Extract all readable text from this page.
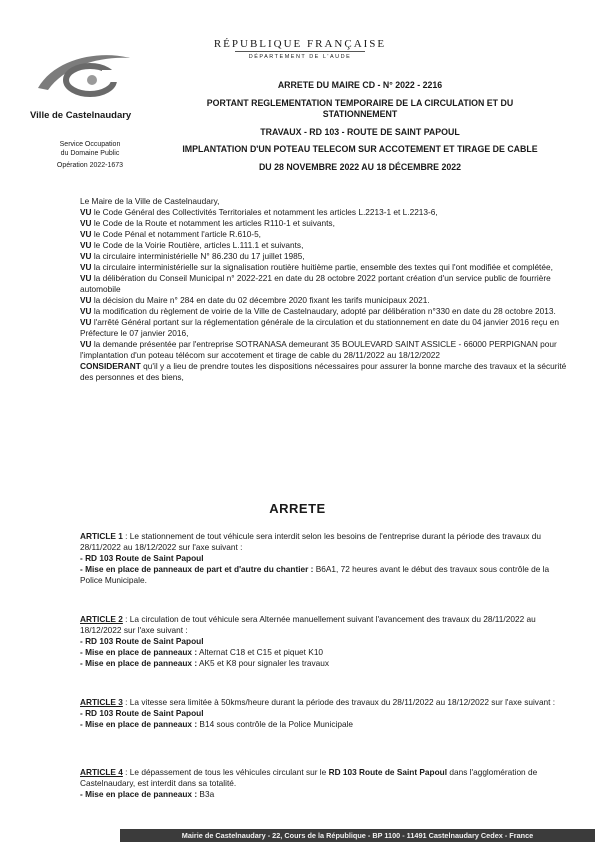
Ville de Castelnaudary
Service Occupation
du Domaine Public
Opération 2022-1673
RÉPUBLIQUE FRANÇAISE
DÉPARTEMENT DE L'AUDE
ARRETE DU MAIRE CD - N° 2022 - 2216
PORTANT REGLEMENTATION TEMPORAIRE DE LA CIRCULATION ET DU
STATIONNEMENT
TRAVAUX - RD 103 - ROUTE DE SAINT PAPOUL
IMPLANTATION D'UN POTEAU TELECOM SUR ACCOTEMENT ET TIRAGE DE CABLE
DU 28 NOVEMBRE 2022 AU 18 DÉCEMBRE 2022

Le Maire de la Ville de Castelnaudary,

VU le Code Général des Collectivités Territoriales et notamment les articles L.2213-1 et L.2213-6,

VU le Code de la Route et notamment les articles R110-1 et suivants,

VU le Code Pénal et notamment l'article R.610-5,

VU le Code de la Voirie Routière, articles L.111.1 et suivants,

VU la circulaire interministérielle N° 86.230 du 17 juillet 1985,

VU la circulaire interministérielle sur la signalisation routière huitième partie, ensemble des textes qui l'ont modifiée et complétée,

VU la délibération du Conseil Municipal n° 2022-221 en date du 28 octobre 2022 portant création d'un service public de fourrière automobile

VU la décision du Maire n° 284 en date du 02 décembre 2020 fixant les tarifs municipaux 2021.

VU la modification du règlement de voirie de la Ville de Castelnaudary, adopté par délibération n°330 en date du 28 octobre 2013.

VU l'arrêté Général portant sur la réglementation générale de la circulation et du stationnement en date du 04 janvier 2016 reçu en Préfecture le 07 janvier 2016,

VU la demande présentée par l'entreprise SOTRANASA demeurant 35 BOULEVARD SAINT ASSICLE - 66000 PERPIGNAN pour l'implantation d'un poteau télécom sur accotement et tirage de cable du 28/11/2022 au 18/12/2022

CONSIDERANT qu'il y a lieu de prendre toutes les dispositions nécessaires pour assurer la bonne marche des travaux et la sécurité des personnes et des biens,

ARRETE

ARTICLE 1 : Le stationnement de tout véhicule sera interdit selon les besoins de l'entreprise durant la période des travaux du 28/11/2022 au 18/12/2022 sur l'axe suivant :

- RD 103 Route de Saint Papoul

- Mise en place de panneaux de part et d'autre du chantier : B6A1, 72 heures avant le début des travaux sous contrôle de la Police Municipale.

ARTICLE 2 : La circulation de tout véhicule sera Alternée manuellement suivant l'avancement des travaux du 28/11/2022 au 18/12/2022 sur l'axe suivant :

- RD 103 Route de Saint Papoul

- Mise en place de panneaux : Alternat C18 et C15 et piquet K10

- Mise en place de panneaux : AK5 et K8 pour signaler les travaux

ARTICLE 3 : La vitesse sera limitée à 50kms/heure durant la période des travaux du 28/11/2022 au 18/12/2022 sur l'axe suivant :

- RD 103 Route de Saint Papoul

- Mise en place de panneaux : B14 sous contrôle de la Police Municipale

ARTICLE 4 : Le dépassement de tous les véhicules circulant sur le RD 103 Route de Saint Papoul dans l'agglomération de Castelnaudary, est interdit dans sa totalité.

- Mise en place de panneaux : B3a

Mairie de Castelnaudary - 22, Cours de la République - BP 1100 - 11491 Castelnaudary Cedex - France
